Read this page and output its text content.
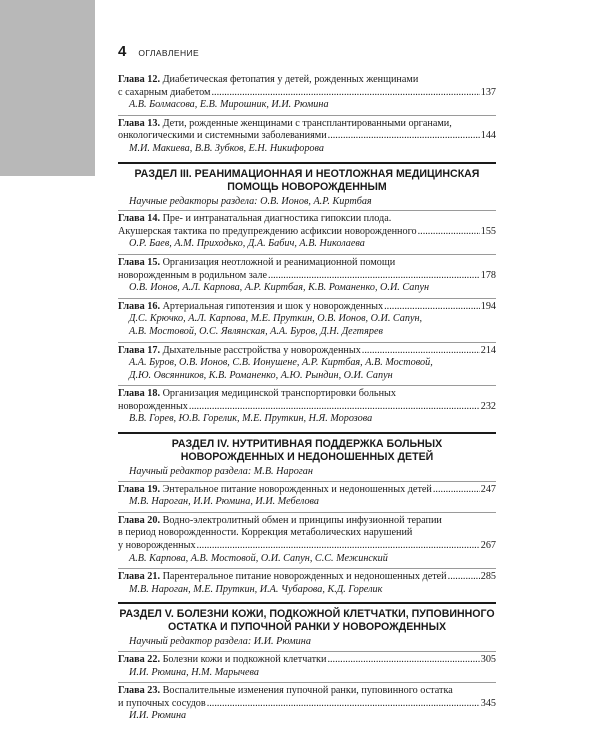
4 ОГЛАВЛЕНИЕ
Глава 12. Диабетическая фетопатия у детей, рожденных женщинами
с сахарным диабетом .....	137
А.В. Болмасова, Е.В. Мирошник, И.И. Рюмина
Глава 13. Дети, рожденные женщинами с трансплантированными органами,
онкологическими и системными заболеваниями .....	144
М.И. Макиева, В.В. Зубков, Е.Н. Никифорова
РАЗДЕЛ III. РЕАНИМАЦИОННАЯ И НЕОТЛОЖНАЯ МЕДИЦИНСКАЯ
ПОМОЩЬ НОВОРОЖДЕННЫМ
Научные редакторы раздела: О.В. Ионов, А.Р. Киртбая
Глава 14. Пре- и интранатальная диагностика гипоксии плода.
Акушерская тактика по предупреждению асфиксии новорожденного .....	155
О.Р. Баев, А.М. Приходько, Д.А. Бабич, А.В. Николаева
Глава 15. Организация неотложной и реанимационной помощи
новорожденным в родильном зале .....	178
О.В. Ионов, А.Л. Карпова, А.Р. Киртбая, К.В. Романенко, О.И. Сапун
Глава 16. Артериальная гипотензия и шок у новорожденных .....	194
Д.С. Крючко, А.Л. Карпова, М.Е. Пруткин, О.В. Ионов, О.И. Сапун,
А.В. Мостовой, О.С. Являнская, А.А. Буров, Д.Н. Дегтярев
Глава 17. Дыхательные расстройства у новорожденных .....	214
А.А. Буров, О.В. Ионов, С.В. Ионушене, А.Р. Киртбая, А.В. Мостовой,
Д.Ю. Овсянников, К.В. Романенко, А.Ю. Рындин, О.И. Сапун
Глава 18. Организация медицинской транспортировки больных
новорожденных .....	232
В.В. Горев, Ю.В. Горелик, М.Е. Пруткин, Н.Я. Морозова
РАЗДЕЛ IV. НУТРИТИВНАЯ ПОДДЕРЖКА БОЛЬНЫХ
НОВОРОЖДЕННЫХ И НЕДОНОШЕННЫХ ДЕТЕЙ
Научный редактор раздела: М.В. Нароган
Глава 19. Энтеральное питание новорожденных и недоношенных детей .....	247
М.В. Нароган, И.И. Рюмина, И.И. Мебелова
Глава 20. Водно-электролитный обмен и принципы инфузионной терапии
в период новорожденности. Коррекция метаболических нарушений
у новорожденных .....	267
А.В. Карпова, А.В. Мостовой, О.И. Сапун, С.С. Межинский
Глава 21. Парентеральное питание новорожденных и недоношенных детей .....	285
М.В. Нароган, М.Е. Пруткин, И.А. Чубарова, К.Д. Горелик
РАЗДЕЛ V. БОЛЕЗНИ КОЖИ, ПОДКОЖНОЙ КЛЕТЧАТКИ, ПУПОВИННОГО
ОСТАТКА И ПУПОЧНОЙ РАНКИ У НОВОРОЖДЕННЫХ
Научный редактор раздела: И.И. Рюмина
Глава 22. Болезни кожи и подкожной клетчатки .....	305
И.И. Рюмина, Н.М. Марычева
Глава 23. Воспалительные изменения пупочной ранки, пуповинного остатка
и пупочных сосудов .....	345
И.И. Рюмина
